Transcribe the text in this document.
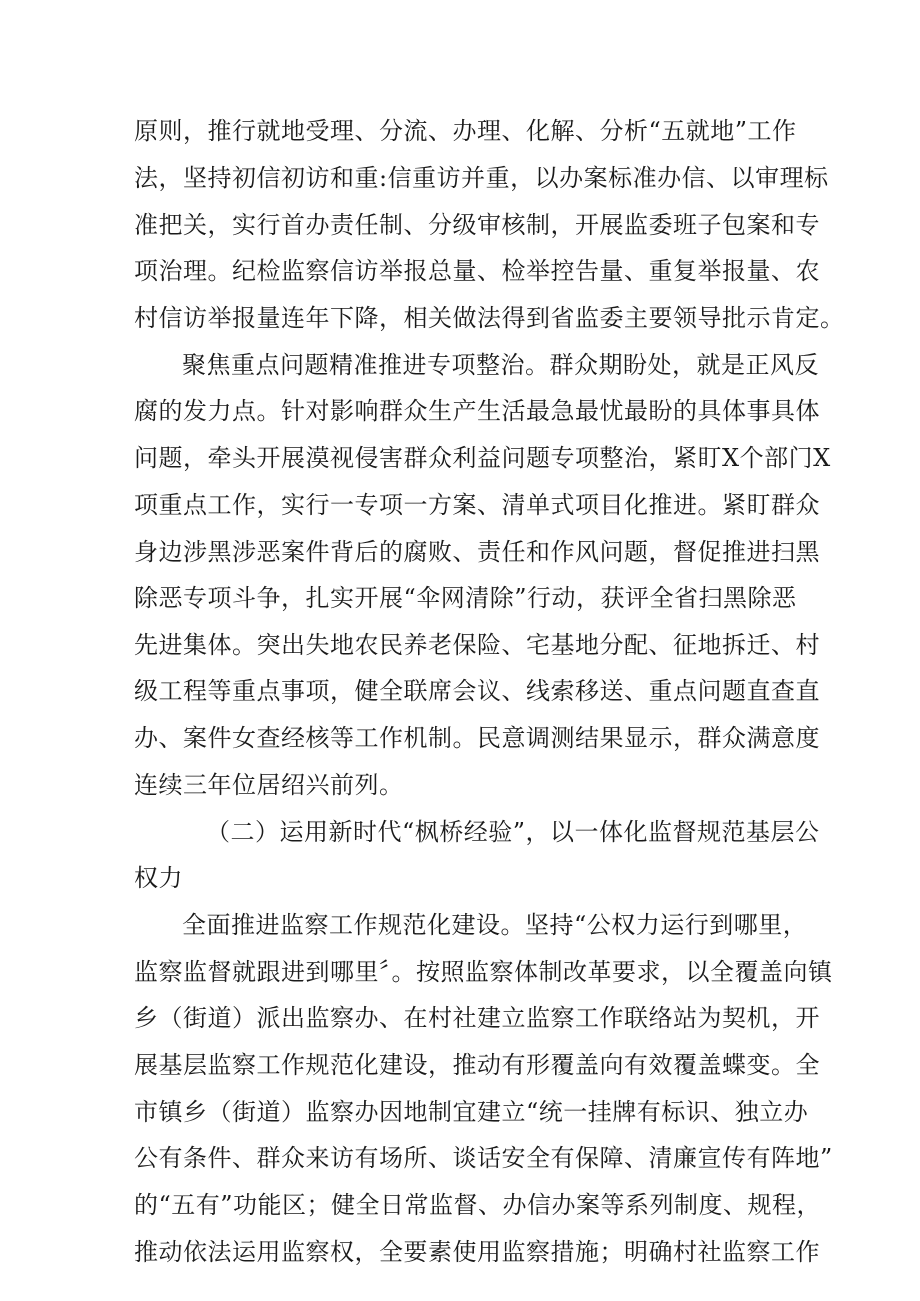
原则，推行就地受理、分流、办理、化解、分析“五就地”工作

法，坚持初信初访和重:信重访并重，以办案标准办信、以审理标

准把关，实行首办责任制、分级审核制，开展监委班子包案和专

项治理。纪检监察信访举报总量、检举控告量、重复举报量、农

村信访举报量连年下降，相关做法得到省监委主要领导批示肯定。

聚焦重点问题精准推进专项整治。群众期盼处，就是正风反

腐的发力点。针对影响群众生产生活最急最忧最盼的具体事具体

问题，牵头开展漠视侵害群众利益问题专项整治，紧盯X个部门X

项重点工作，实行一专项一方案、清单式项目化推进。紧盯群众

身边涉黑涉恶案件背后的腐败、责任和作风问题，督促推进扫黑

除恶专项斗争，扎实开展“伞网清除”行动，获评全省扫黑除恶

先进集体。突出失地农民养老保险、宅基地分配、征地拆迁、村

级工程等重点事项，健全联席会议、线索移送、重点问题直查直

办、案件女查经核等工作机制。民意调测结果显示，群众满意度

连续三年位居绍兴前列。

（二）运用新时代“枫桥经验”，以一体化监督规范基层公

权力

全面推进监察工作规范化建设。坚持“公权力运行到哪里，

监察监督就跟进到哪里〞。按照监察体制改革要求，以全覆盖向镇

乡（街道）派出监察办、在村社建立监察工作联络站为契机，开

展基层监察工作规范化建设，推动有形覆盖向有效覆盖蝶变。全

市镇乡（街道）监察办因地制宜建立“统一挂牌有标识、独立办

公有条件、群众来访有场所、谈话安全有保障、清廉宣传有阵地”

的“五有”功能区；健全日常监督、办信办案等系列制度、规程，

推动依法运用监察权，全要素使用监察措施；明确村社监察工作
